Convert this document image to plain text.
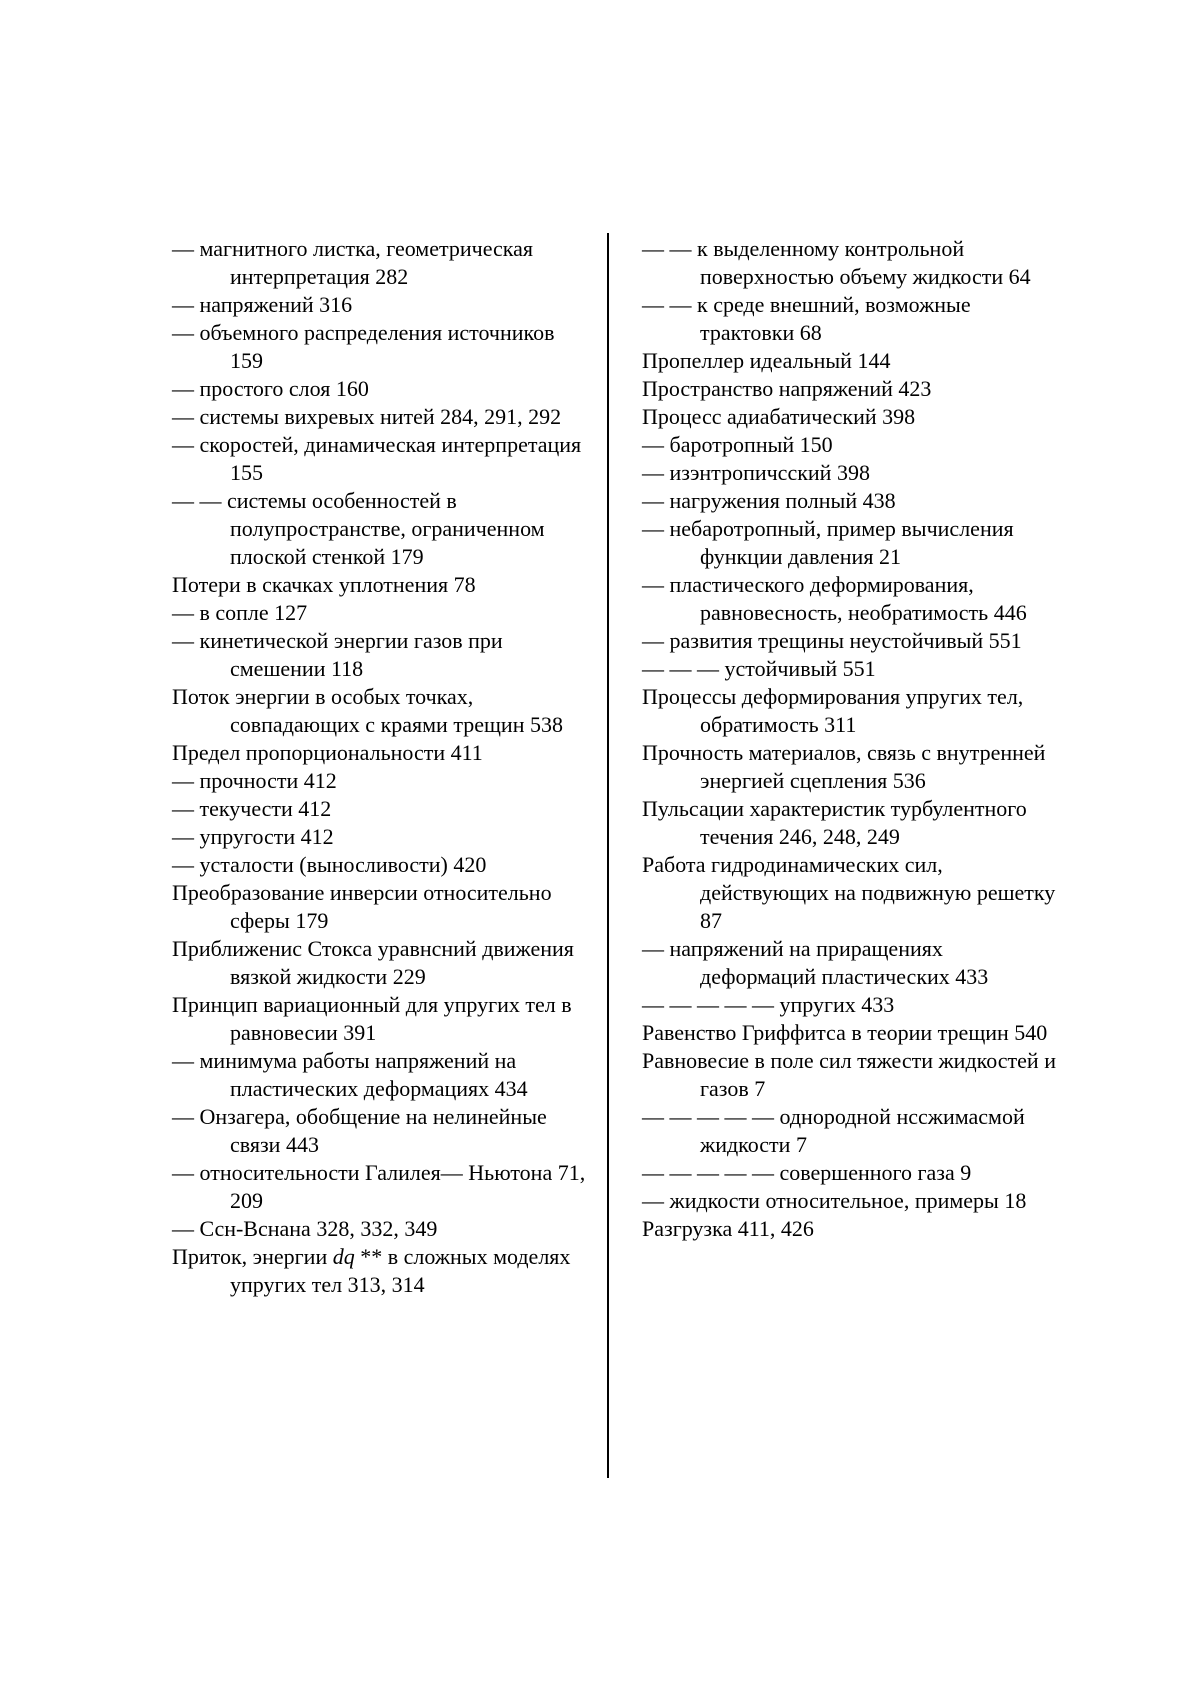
— магнитного листка, геометрическая интерпретация 282

— напряжений 316

— объемного распределения источников 159

— простого слоя 160

— системы вихревых нитей 284, 291, 292

— скоростей, динамическая интерпретация 155

— — системы особенностей в полупространстве, ограниченном плоской стенкой 179

Потери в скачках уплотнения 78

— в сопле 127

— кинетической энергии газов при смешении 118

Поток энергии в особых точках, совпадающих с краями трещин 538

Предел пропорциональности 411

— прочности 412

— текучести 412

— упругости 412

— усталости (выносливости) 420

Преобразование инверсии относительно сферы 179

Приближенис Стокса уравнсний движения вязкой жидкости 229

Принцип вариационный для упругих тел в равновесии 391

— минимума работы напряжений на пластических деформациях 434

— Онзагера, обобщение на нелинейные связи 443

— относительности Галилея— Ньютона 71, 209

— Ссн-Вснана 328, 332, 349

Приток, энергии dq ** в сложных моделях упругих тел 313, 314

— — к выделенному контрольной поверхностью объему жидкости 64

— — к среде внешний, возможные трактовки 68

Пропеллер идеальный 144

Пространство напряжений 423

Процесс адиабатический 398

— баротропный 150

— изэнтропичсский 398

— нагружения полный 438

— небаротропный, пример вычисления функции давления 21

— пластического деформирования, равновесность, необратимость 446

— развития трещины неустойчивый 551

— — — устойчивый 551

Процессы деформирования упругих тел, обратимость 311

Прочность материалов, связь с внутренней энергией сцепления 536

Пульсации характеристик турбулентного течения 246, 248, 249

Работа гидродинамических сил, действующих на подвижную решетку 87

— напряжений на приращениях деформаций пластических 433

— — — — — упругих 433

Равенство Гриффитса в теории трещин 540

Равновесие в поле сил тяжести жидкостей и газов 7

— — — — — однородной нссжимасмой жидкости 7

— — — — — совершенного газа 9

— жидкости относительное, примеры 18

Разгрузка 411, 426
